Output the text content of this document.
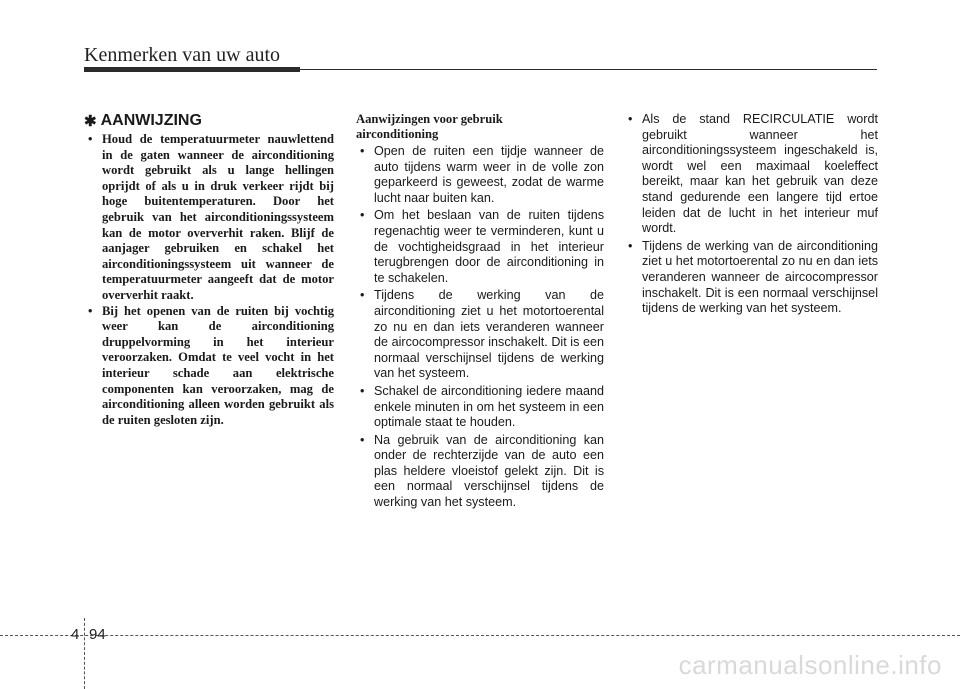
Kenmerken van uw auto
✱ AANWIJZING
• Houd de temperatuurmeter nauwlettend in de gaten wanneer de airconditioning wordt gebruikt als u lange hellingen oprijdt of als u in druk verkeer rijdt bij hoge buitentemperaturen. Door het gebruik van het airconditioningssysteem kan de motor oververhit raken. Blijf de aanjager gebruiken en schakel het airconditioningssysteem uit wanneer de temperatuurmeter aangeeft dat de motor oververhit raakt.
• Bij het openen van de ruiten bij vochtig weer kan de airconditioning druppelvorming in het interieur veroorzaken. Omdat te veel vocht in het interieur schade aan elektrische componenten kan veroorzaken, mag de airconditioning alleen worden gebruikt als de ruiten gesloten zijn.
Aanwijzingen voor gebruik airconditioning
• Open de ruiten een tijdje wanneer de auto tijdens warm weer in de volle zon geparkeerd is geweest, zodat de warme lucht naar buiten kan.
• Om het beslaan van de ruiten tijdens regenachtig weer te verminderen, kunt u de vochtigheidsgraad in het interieur terugbrengen door de airconditioning in te schakelen.
• Tijdens de werking van de airconditioning ziet u het motortoerental zo nu en dan iets veranderen wanneer de aircocompressor inschakelt. Dit is een normaal verschijnsel tijdens de werking van het systeem.
• Schakel de airconditioning iedere maand enkele minuten in om het systeem in een optimale staat te houden.
• Na gebruik van de airconditioning kan onder de rechterzijde van de auto een plas heldere vloeistof gelekt zijn. Dit is een normaal verschijnsel tijdens de werking van het systeem.
• Als de stand RECIRCULATIE wordt gebruikt wanneer het airconditioningssysteem ingeschakeld is, wordt wel een maximaal koeleffect bereikt, maar kan het gebruik van deze stand gedurende een langere tijd ertoe leiden dat de lucht in het interieur muf wordt.
• Tijdens de werking van de airconditioning ziet u het motortoerental zo nu en dan iets veranderen wanneer de aircocompressor inschakelt. Dit is een normaal verschijnsel tijdens de werking van het systeem.
4 94
carmanualsonline.info
